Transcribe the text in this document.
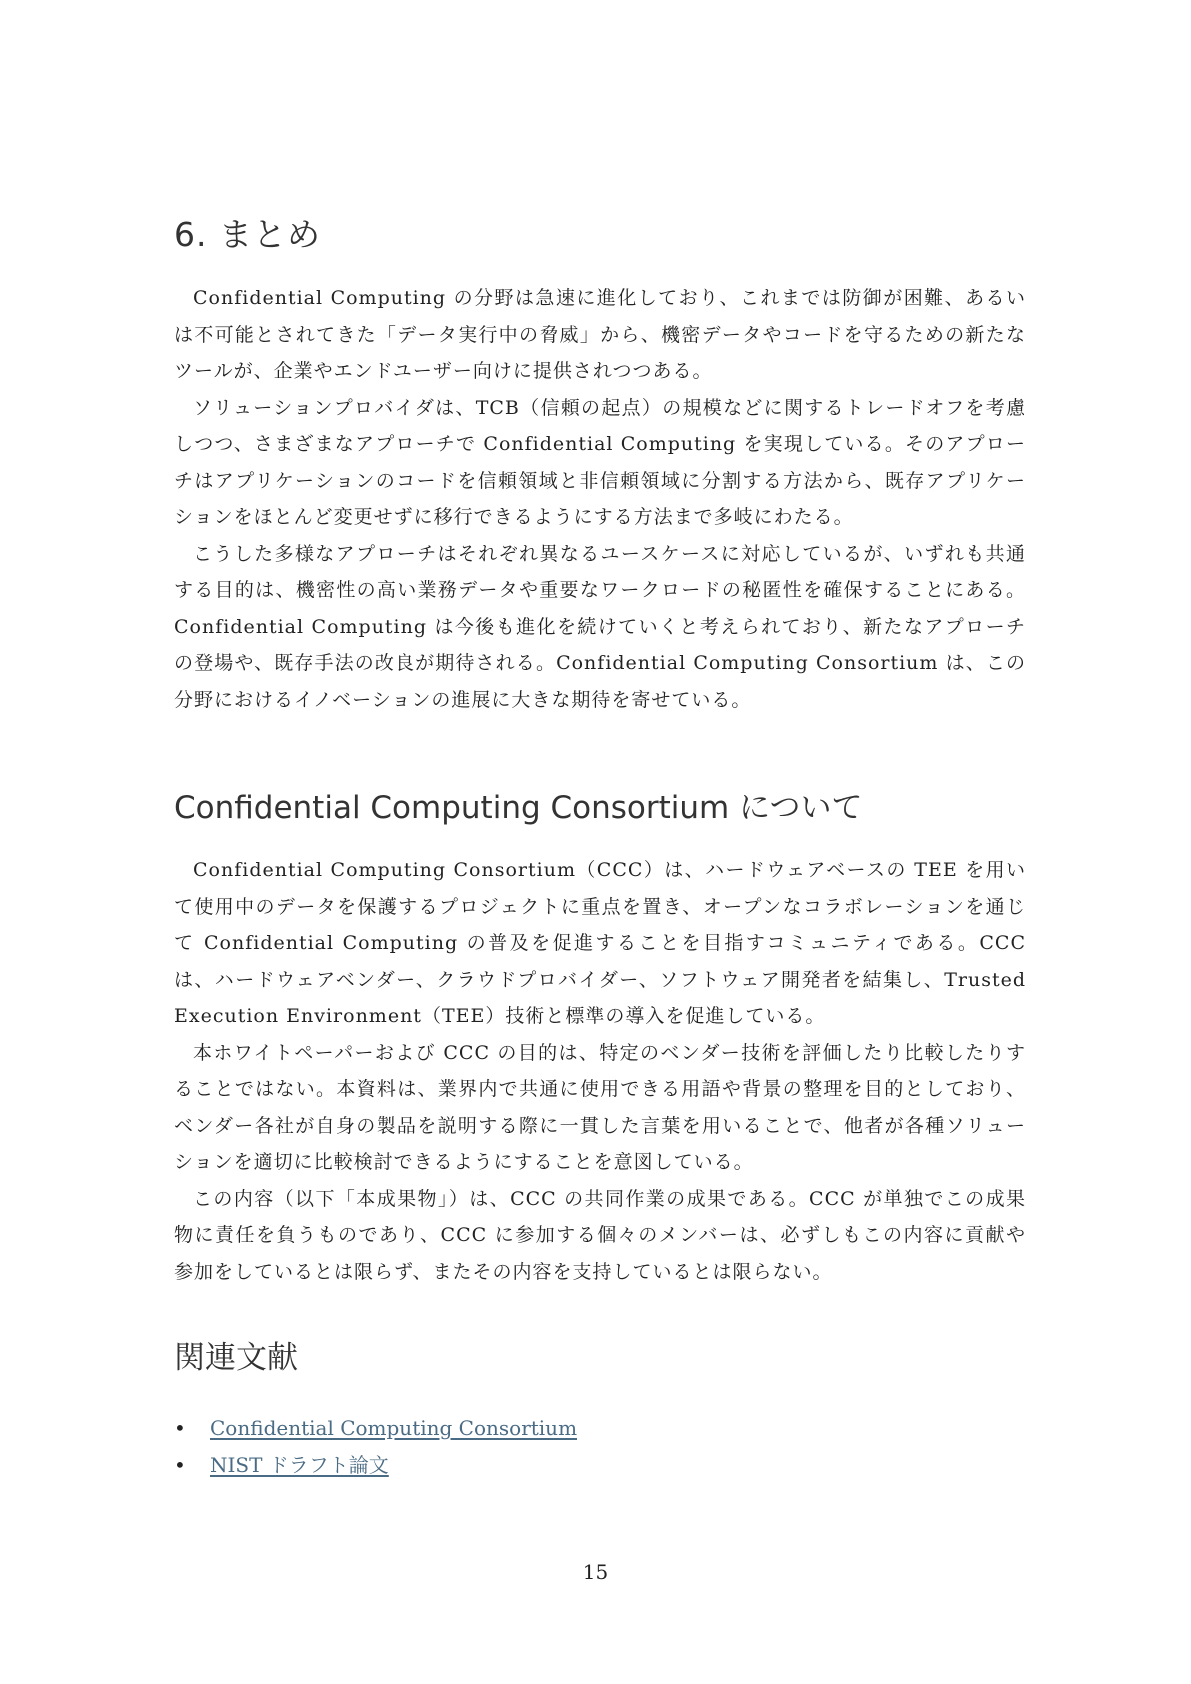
6. まとめ

Confidential Computing の分野は急速に進化しており、これまでは防御が困難、あるいは不可能とされてきた「データ実行中の脅威」から、機密データやコードを守るための新たなツールが、企業やエンドユーザー向けに提供されつつある。

ソリューションプロバイダは、TCB（信頼の起点）の規模などに関するトレードオフを考慮しつつ、さまざまなアプローチで Confidential Computing を実現している。そのアプローチはアプリケーションのコードを信頼領域と非信頼領域に分割する方法から、既存アプリケーションをほとんど変更せずに移行できるようにする方法まで多岐にわたる。

こうした多様なアプローチはそれぞれ異なるユースケースに対応しているが、いずれも共通する目的は、機密性の高い業務データや重要なワークロードの秘匿性を確保することにある。Confidential Computing は今後も進化を続けていくと考えられており、新たなアプローチの登場や、既存手法の改良が期待される。Confidential Computing Consortium は、この分野におけるイノベーションの進展に大きな期待を寄せている。

Confidential Computing Consortium について

Confidential Computing Consortium（CCC）は、ハードウェアベースの TEE を用いて使用中のデータを保護するプロジェクトに重点を置き、オープンなコラボレーションを通じて Confidential Computing の普及を促進することを目指すコミュニティである。CCC は、ハードウェアベンダー、クラウドプロバイダー、ソフトウェア開発者を結集し、Trusted Execution Environment（TEE）技術と標準の導入を促進している。

本ホワイトペーパーおよび CCC の目的は、特定のベンダー技術を評価したり比較したりすることではない。本資料は、業界内で共通に使用できる用語や背景の整理を目的としており、ベンダー各社が自身の製品を説明する際に一貫した言葉を用いることで、他者が各種ソリューションを適切に比較検討できるようにすることを意図している。

この内容（以下「本成果物」）は、CCC の共同作業の成果である。CCC が単独でこの成果物に責任を負うものであり、CCC に参加する個々のメンバーは、必ずしもこの内容に貢献や参加をしているとは限らず、またその内容を支持しているとは限らない。

関連文献
• Confidential Computing Consortium
• NIST ドラフト論文
15
